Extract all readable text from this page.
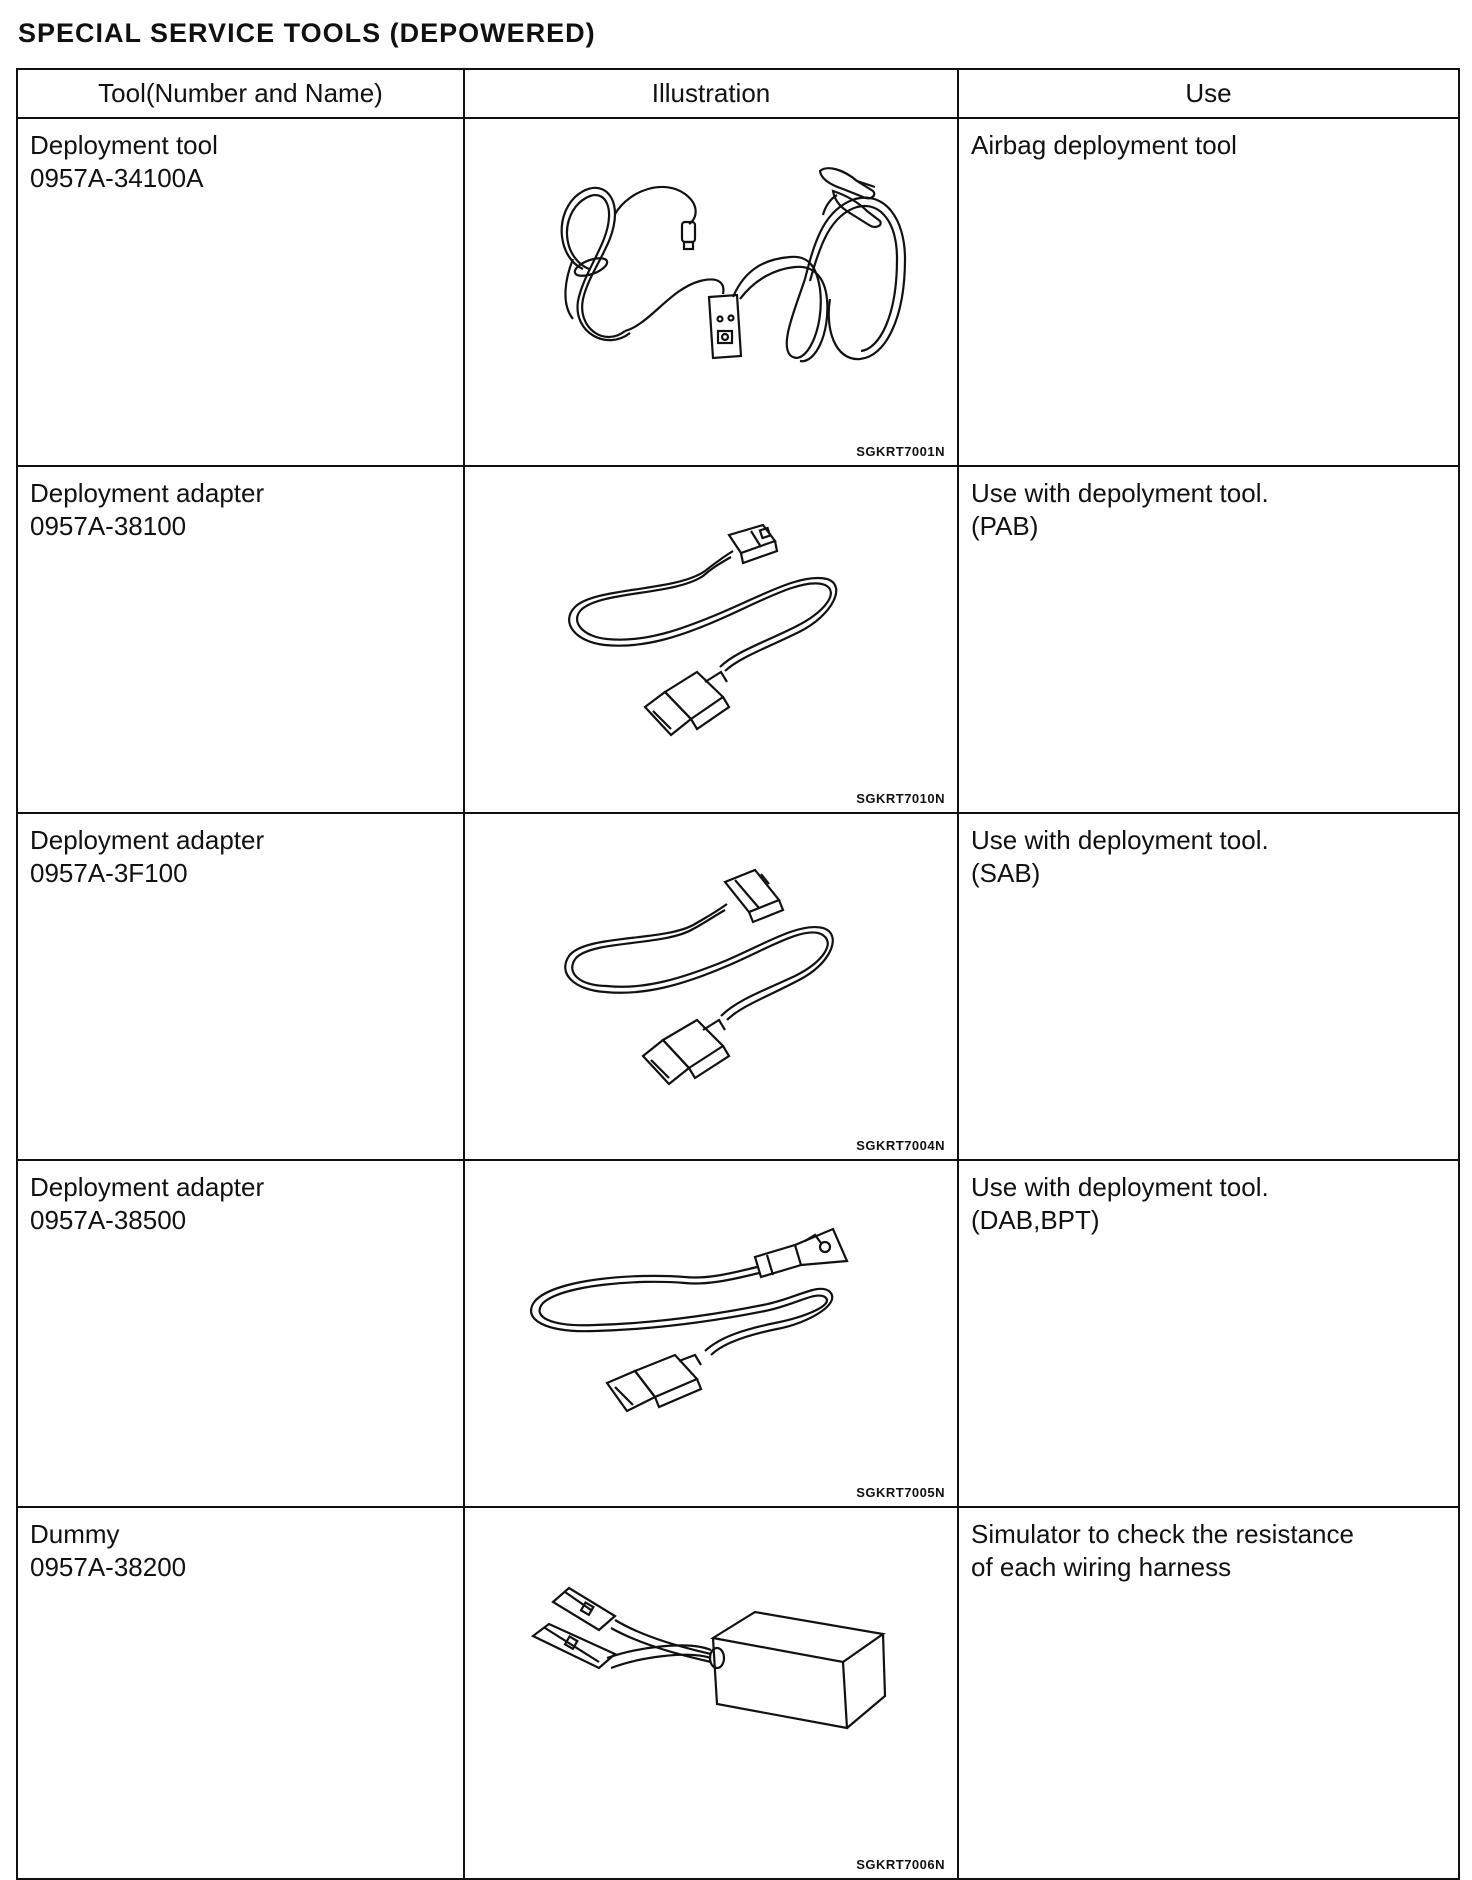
SPECIAL SERVICE TOOLS (DEPOWERED)
Tool(Number and Name)	Illustration	Use

Deployment tool
0957A-34100A	SGKRT7001N	Airbag deployment tool

Deployment adapter
0957A-38100	SGKRT7010N	Use with depolyment tool.
(PAB)

Deployment adapter
0957A-3F100	SGKRT7004N	Use with deployment tool.
(SAB)

Deployment adapter
0957A-38500	SGKRT7005N	Use with deployment tool.
(DAB,BPT)

Dummy
0957A-38200	SGKRT7006N	Simulator to check the resistance
of each wiring harness
